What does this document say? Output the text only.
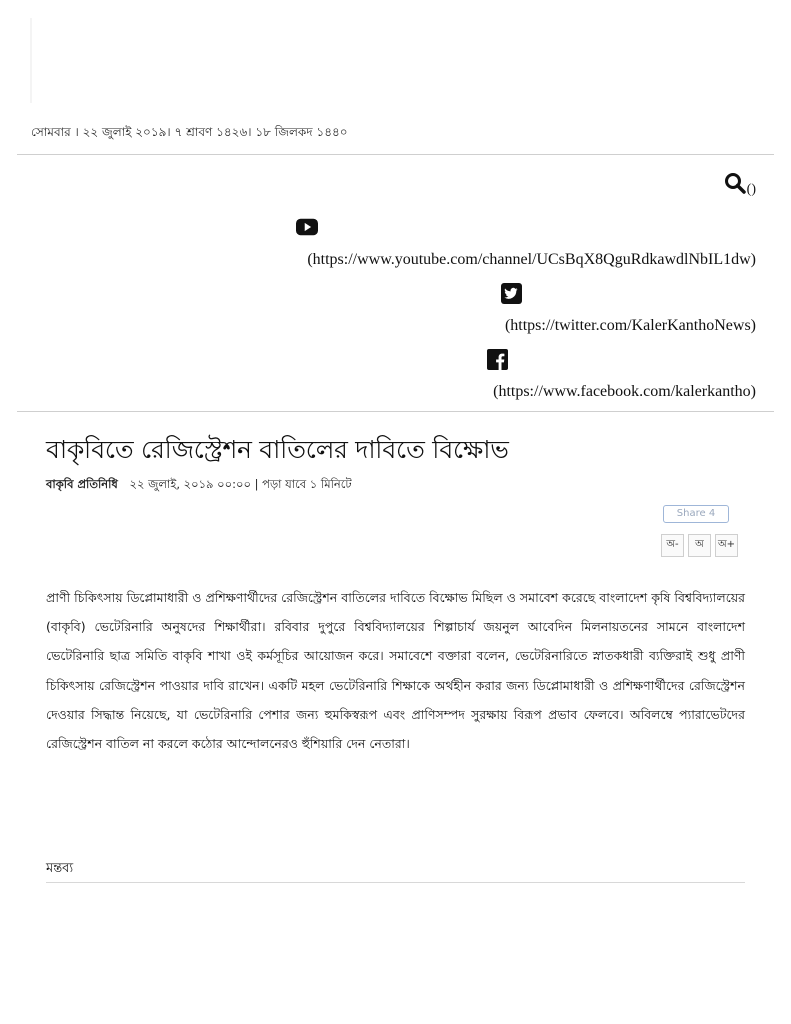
সোমবার । ২২ জুলাই ২০১৯। ৭ শ্রাবণ ১৪২৬। ১৮ জিলকদ ১৪৪০
()
(https://www.youtube.com/channel/UCsBqX8QguRdkawdlNbIL1dw)
(https://twitter.com/KalerKanthoNews)
(https://www.facebook.com/kalerkantho)
বাকৃবিতে রেজিস্ট্রেশন বাতিলের দাবিতে বিক্ষোভ
বাকৃবি প্রতিনিধি ২২ জুলাই, ২০১৯ ০০:০০ | পড়া যাবে ১ মিনিটে
Share 4
অ-	অ	অ+

প্রাণী চিকিৎসায় ডিপ্লোমাধারী ও প্রশিক্ষণার্থীদের রেজিস্ট্রেশন বাতিলের দাবিতে বিক্ষোভ মিছিল ও সমাবেশ করেছে বাংলাদেশ কৃষি বিশ্ববিদ্যালয়ের (বাকৃবি) ভেটেরিনারি অনুষদের শিক্ষার্থীরা। রবিবার দুপুরে বিশ্ববিদ্যালয়ের শিল্পাচার্য জয়নুল আবেদিন মিলনায়তনের সামনে বাংলাদেশ ভেটেরিনারি ছাত্র সমিতি বাকৃবি শাখা ওই কর্মসূচির আয়োজন করে। সমাবেশে বক্তারা বলেন, ভেটেরিনারিতে স্নাতকধারী ব্যক্তিরাই শুধু প্রাণী চিকিৎসায় রেজিস্ট্রেশন পাওয়ার দাবি রাখেন। একটি মহল ভেটেরিনারি শিক্ষাকে অর্থহীন করার জন্য ডিপ্লোমাধারী ও প্রশিক্ষণার্থীদের রেজিস্ট্রেশন দেওয়ার সিদ্ধান্ত নিয়েছে, যা ভেটেরিনারি পেশার জন্য হুমকিস্বরূপ এবং প্রাণিসম্পদ সুরক্ষায় বিরূপ প্রভাব ফেলবে। অবিলম্বে প্যারাভেটদের রেজিস্ট্রেশন বাতিল না করলে কঠোর আন্দোলনেরও হুঁশিয়ারি দেন নেতারা।

মন্তব্য
